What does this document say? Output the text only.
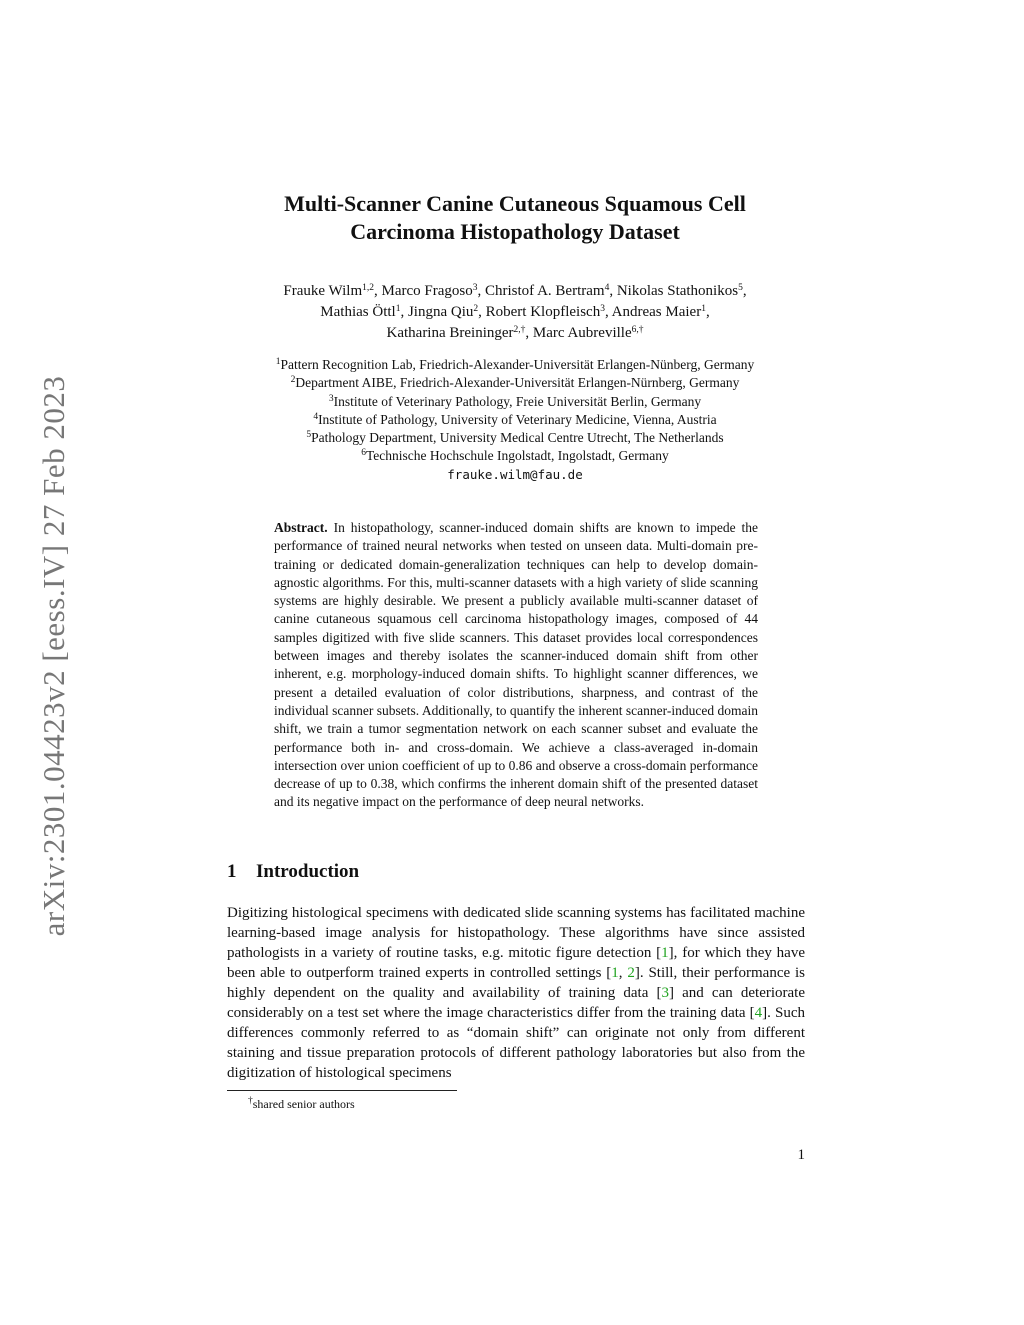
arXiv:2301.04423v2 [eess.IV] 27 Feb 2023
Multi-Scanner Canine Cutaneous Squamous Cell
Carcinoma Histopathology Dataset
Frauke Wilm$^{1,2}$, Marco Fragoso$^3$, Christof A. Bertram$^4$, Nikolas Stathonikos$^5$,
Mathias Öttl$^1$, Jingna Qiu$^2$, Robert Klopfleisch$^3$, Andreas Maier$^1$,
Katharina Breininger$^{2,\dagger}$, Marc Aubreville$^{6,\dagger}$
$^1$Pattern Recognition Lab, Friedrich-Alexander-Universität Erlangen-Nünberg, Germany
$^2$Department AIBE, Friedrich-Alexander-Universität Erlangen-Nürnberg, Germany
$^3$Institute of Veterinary Pathology, Freie Universität Berlin, Germany
$^4$Institute of Pathology, University of Veterinary Medicine, Vienna, Austria
$^5$Pathology Department, University Medical Centre Utrecht, The Netherlands
$^6$Technische Hochschule Ingolstadt, Ingolstadt, Germany
frauke.wilm@fau.de
Abstract. In histopathology, scanner-induced domain shifts are known to impede the performance of trained neural networks when tested on unseen data. Multi-domain pre-training or dedicated domain-generalization techniques can help to develop domain-agnostic algorithms. For this, multi-scanner datasets with a high variety of slide scanning systems are highly desirable. We present a publicly available multi-scanner dataset of canine cutaneous squamous cell carcinoma histopathology images, composed of 44 samples digitized with five slide scanners. This dataset provides local correspondences between images and thereby isolates the scanner-induced domain shift from other inherent, e.g. morphology-induced domain shifts. To highlight scanner differences, we present a detailed evaluation of color distributions, sharpness, and contrast of the individual scanner subsets. Additionally, to quantify the inherent scanner-induced domain shift, we train a tumor segmentation network on each scanner subset and evaluate the performance both in- and cross-domain. We achieve a class-averaged in-domain intersection over union coefficient of up to 0.86 and observe a cross-domain performance decrease of up to 0.38, which confirms the inherent domain shift of the presented dataset and its negative impact on the performance of deep neural networks.
1 Introduction
Digitizing histological specimens with dedicated slide scanning systems has facilitated machine learning-based image analysis for histopathology. These algorithms have since assisted pathologists in a variety of routine tasks, e.g. mitotic figure detection [1], for which they have been able to outperform trained experts in controlled settings [1, 2]. Still, their performance is highly dependent on the quality and availability of training data [3] and can deteriorate considerably on a test set where the image characteristics differ from the training data [4]. Such differences commonly referred to as “domain shift” can originate not only from different staining and tissue preparation protocols of different pathology laboratories but also from the digitization of histological specimens
†shared senior authors
1
